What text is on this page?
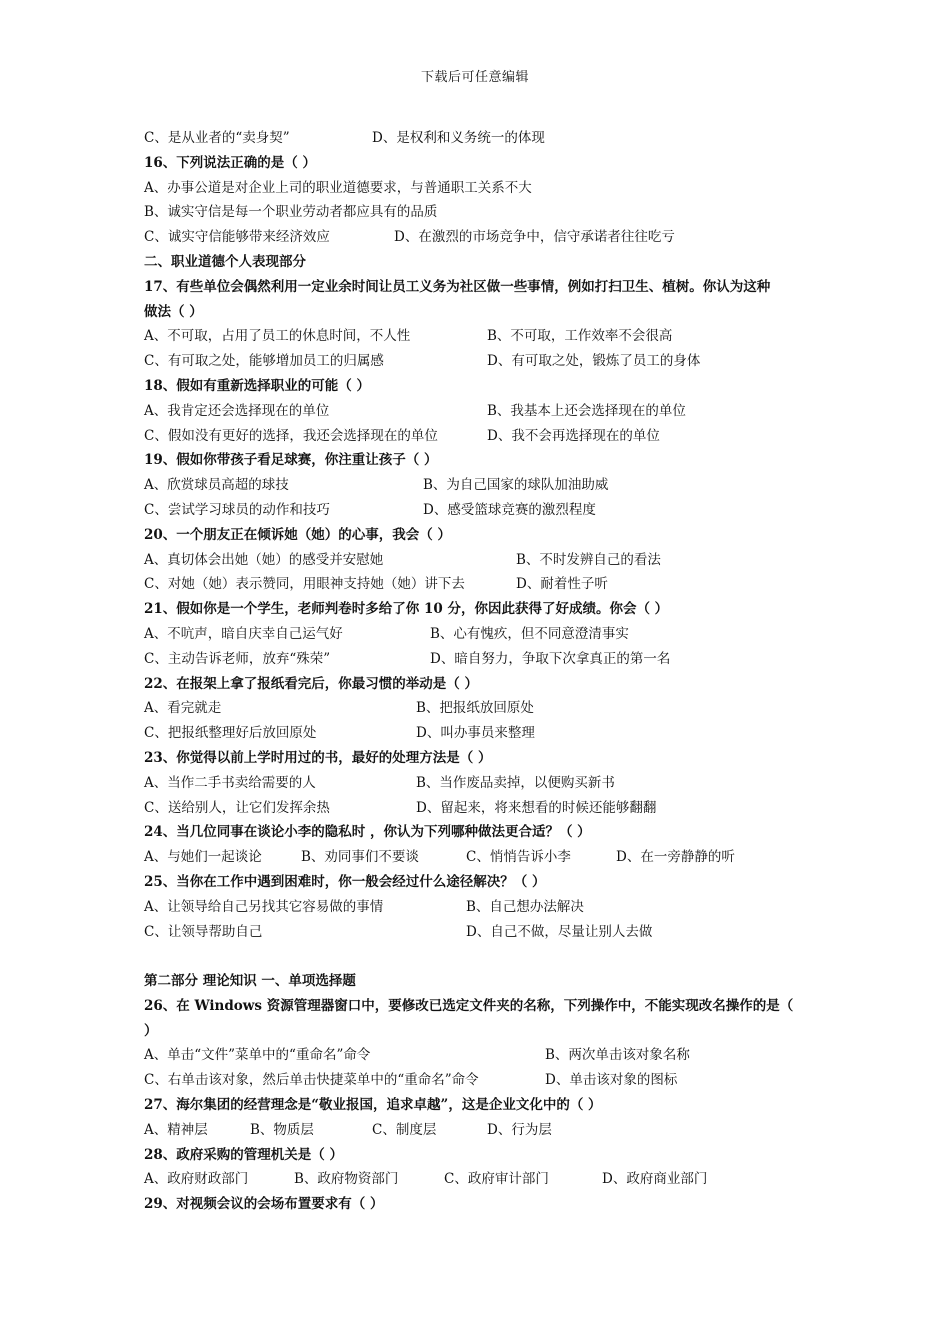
下载后可任意编辑
C、是从业者的“卖身契”	D、是权利和义务统一的体现
16、下列说法正确的是（ ）
A、办事公道是对企业上司的职业道德要求，与普通职工关系不大
B、诚实守信是每一个职业劳动者都应具有的品质
C、诚实守信能够带来经济效应	D、在激烈的市场竞争中，信守承诺者往往吃亏
二、职业道德个人表现部分
17、有些单位会偶然利用一定业余时间让员工义务为社区做一些事情，例如打扫卫生、植树。你认为这种
做法（ ）
A、不可取，占用了员工的休息时间，不人性	B、不可取，工作效率不会很高
C、有可取之处，能够增加员工的归属感	D、有可取之处，锻炼了员工的身体
18、假如有重新选择职业的可能（ ）
A、我肯定还会选择现在的单位	B、我基本上还会选择现在的单位
C、假如没有更好的选择，我还会选择现在的单位	D、我不会再选择现在的单位
19、假如你带孩子看足球赛，你注重让孩子（ ）
A、欣赏球员高超的球技	B、为自己国家的球队加油助威
C、尝试学习球员的动作和技巧	D、感受篮球竞赛的激烈程度
20、一个朋友正在倾诉她（她）的心事，我会（ ）
A、真切体会出她（她）的感受并安慰她	B、不时发辨自己的看法
C、对她（她）表示赞同，用眼神支持她（她）讲下去	D、耐着性子听
21、假如你是一个学生，老师判卷时多给了你 10 分，你因此获得了好成绩。你会（ ）
A、不吭声，暗自庆幸自己运气好	B、心有愧疚，但不同意澄清事实
C、主动告诉老师，放弃“殊荣”	D、暗自努力，争取下次拿真正的第一名
22、在报架上拿了报纸看完后，你最习惯的举动是（ ）
A、看完就走	B、把报纸放回原处
C、把报纸整理好后放回原处	D、叫办事员来整理
23、你觉得以前上学时用过的书，最好的处理方法是（ ）
A、当作二手书卖给需要的人	B、当作废品卖掉，以便购买新书
C、送给别人，让它们发挥余热	D、留起来，将来想看的时候还能够翻翻
24、当几位同事在谈论小李的隐私时 ，你认为下列哪种做法更合适？（ ）
A、与她们一起谈论	B、劝同事们不要谈	C、悄悄告诉小李	D、在一旁静静的听
25、当你在工作中遇到困难时，你一般会经过什么途径解决？（ ）
A、让领导给自己另找其它容易做的事情	B、自己想办法解决
C、让领导帮助自己	D、自己不做，尽量让别人去做
第二部分 理论知识 一、单项选择题
26、在 Windows 资源管理器窗口中，要修改已选定文件夹的名称，下列操作中，不能实现改名操作的是（
）
A、单击“文件”菜单中的“重命名”命令	B、两次单击该对象名称
C、右单击该对象，然后单击快捷菜单中的“重命名”命令	D、单击该对象的图标
27、海尔集团的经营理念是“敬业报国，追求卓越”，这是企业文化中的（ ）
A、精神层	B、物质层	C、制度层	D、行为层
28、政府采购的管理机关是（ ）
A、政府财政部门	B、政府物资部门	C、政府审计部门	D、政府商业部门
29、对视频会议的会场布置要求有（ ）
